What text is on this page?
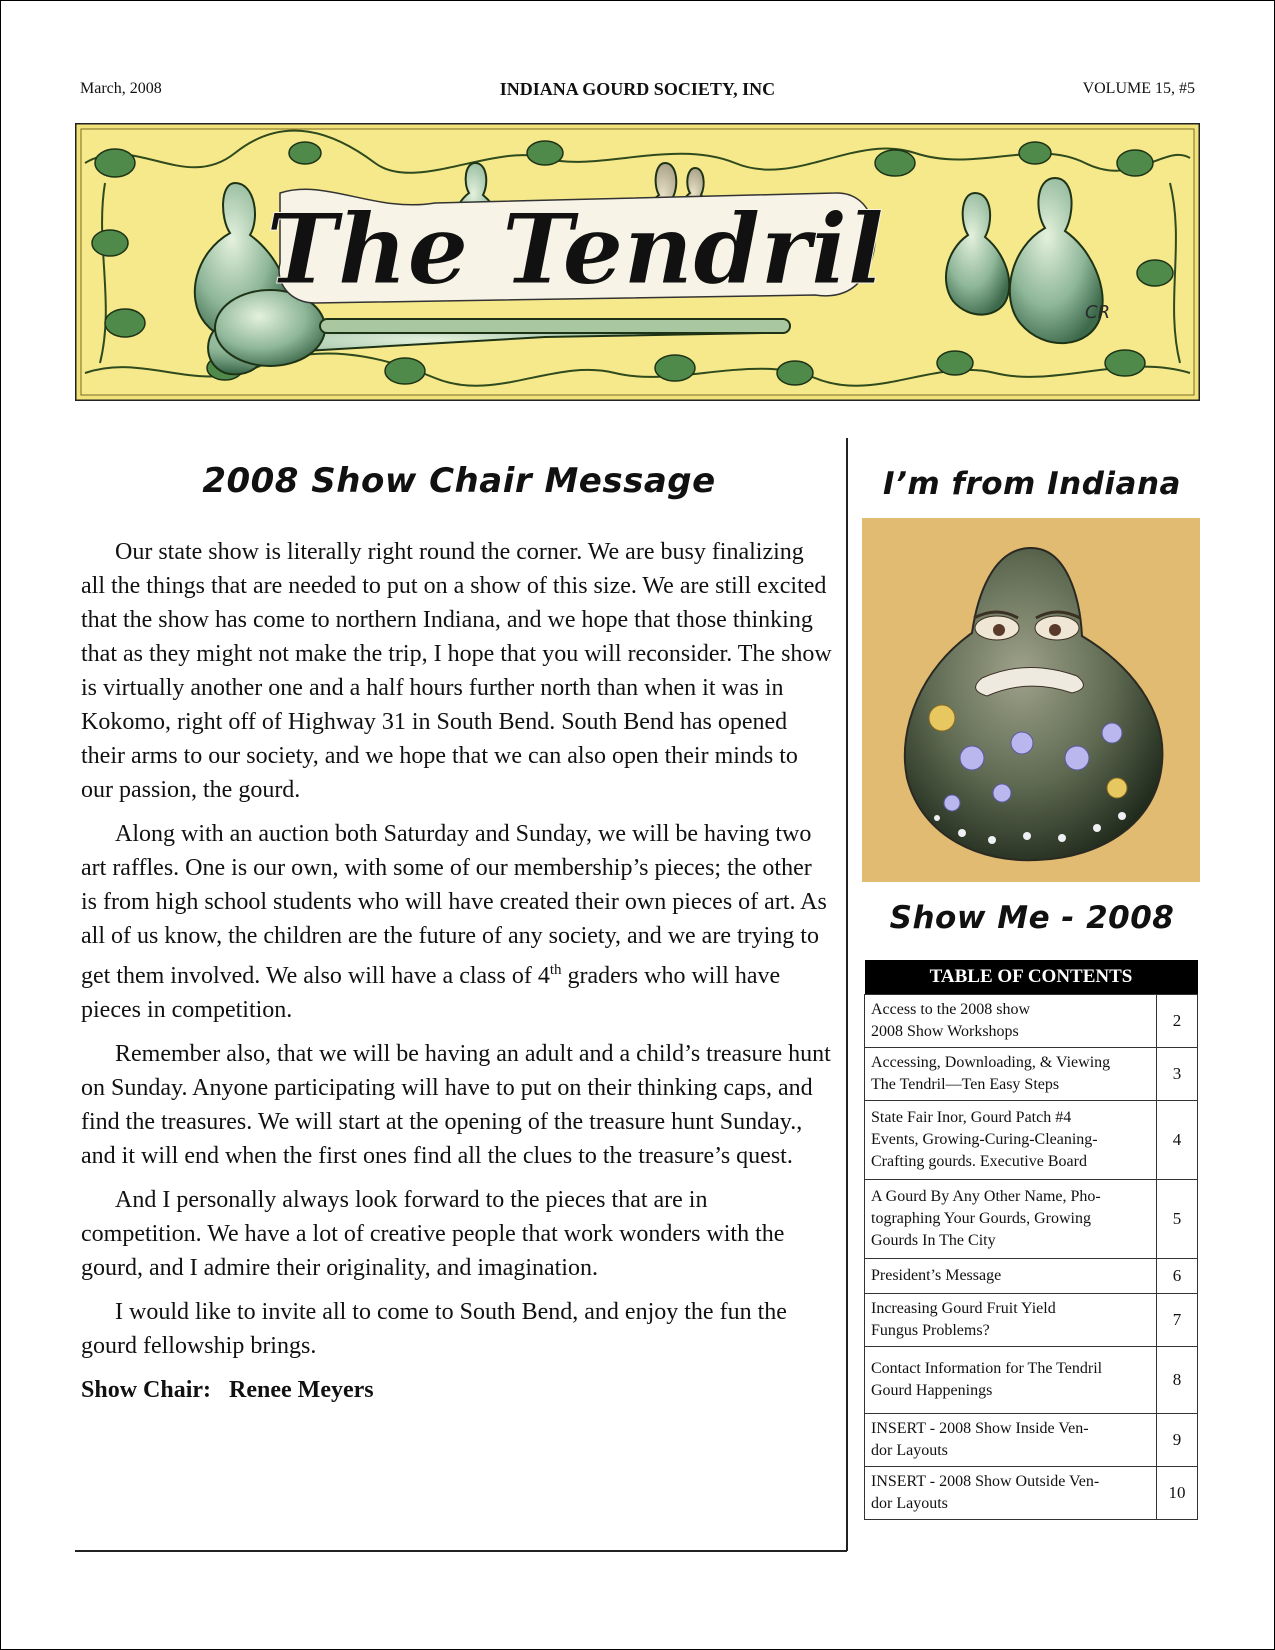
March, 2008	INDIANA GOURD SOCIETY, INC	VOLUME 15, #5
The Tendril
CR
2008 Show Chair Message

Our state show is literally right round the corner. We are busy finalizing all the things that are needed to put on a show of this size. We are still excited that the show has come to northern Indiana, and we hope that those thinking that as they might not make the trip, I hope that you will reconsider. The show is virtually another one and a half hours further north than when it was in Kokomo, right off of Highway 31 in South Bend. South Bend has opened their arms to our society, and we hope that we can also open their minds to our passion, the gourd.

Along with an auction both Saturday and Sunday, we will be having two art raffles. One is our own, with some of our membership’s pieces; the other is from high school students who will have created their own pieces of art. As all of us know, the children are the future of any society, and we are trying to get them involved. We also will have a class of 4th graders who will have pieces in competition.

Remember also, that we will be having an adult and a child’s treasure hunt on Sunday. Anyone participating will have to put on their thinking caps, and find the treasures. We will start at the opening of the treasure hunt Sunday., and it will end when the first ones find all the clues to the treasure’s quest.

And I personally always look forward to the pieces that are in competition. We have a lot of creative people that work wonders with the gourd, and I admire their originality, and imagination.

I would like to invite all to come to South Bend, and enjoy the fun the gourd fellowship brings.

Show Chair: Renee Meyers
I’m from Indiana
Show Me - 2008
TABLE OF CONTENTS	

Access to the 2008 show
2008 Show Workshops	2

Accessing, Downloading, & Viewing
The Tendril—Ten Easy Steps	3

State Fair Inor, Gourd Patch #4
Events, Growing-Curing-Cleaning-
Crafting gourds. Executive Board	4

A Gourd By Any Other Name, Pho-
tographing Your Gourds, Growing
Gourds In The City	5

President’s Message	6

Increasing Gourd Fruit Yield
Fungus Problems?	7

Contact Information for The Tendril
Gourd Happenings	8

INSERT - 2008 Show Inside Ven-
dor Layouts	9

INSERT - 2008 Show Outside Ven-
dor Layouts	10
